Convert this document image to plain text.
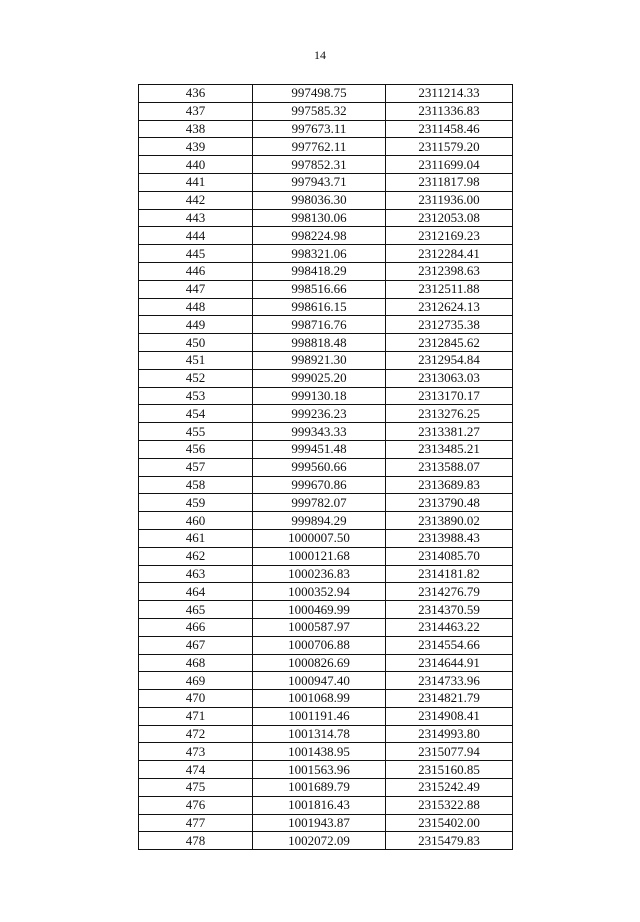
14
436	997498.75	2311214.33
437	997585.32	2311336.83
438	997673.11	2311458.46
439	997762.11	2311579.20
440	997852.31	2311699.04
441	997943.71	2311817.98
442	998036.30	2311936.00
443	998130.06	2312053.08
444	998224.98	2312169.23
445	998321.06	2312284.41
446	998418.29	2312398.63
447	998516.66	2312511.88
448	998616.15	2312624.13
449	998716.76	2312735.38
450	998818.48	2312845.62
451	998921.30	2312954.84
452	999025.20	2313063.03
453	999130.18	2313170.17
454	999236.23	2313276.25
455	999343.33	2313381.27
456	999451.48	2313485.21
457	999560.66	2313588.07
458	999670.86	2313689.83
459	999782.07	2313790.48
460	999894.29	2313890.02
461	1000007.50	2313988.43
462	1000121.68	2314085.70
463	1000236.83	2314181.82
464	1000352.94	2314276.79
465	1000469.99	2314370.59
466	1000587.97	2314463.22
467	1000706.88	2314554.66
468	1000826.69	2314644.91
469	1000947.40	2314733.96
470	1001068.99	2314821.79
471	1001191.46	2314908.41
472	1001314.78	2314993.80
473	1001438.95	2315077.94
474	1001563.96	2315160.85
475	1001689.79	2315242.49
476	1001816.43	2315322.88
477	1001943.87	2315402.00
478	1002072.09	2315479.83
